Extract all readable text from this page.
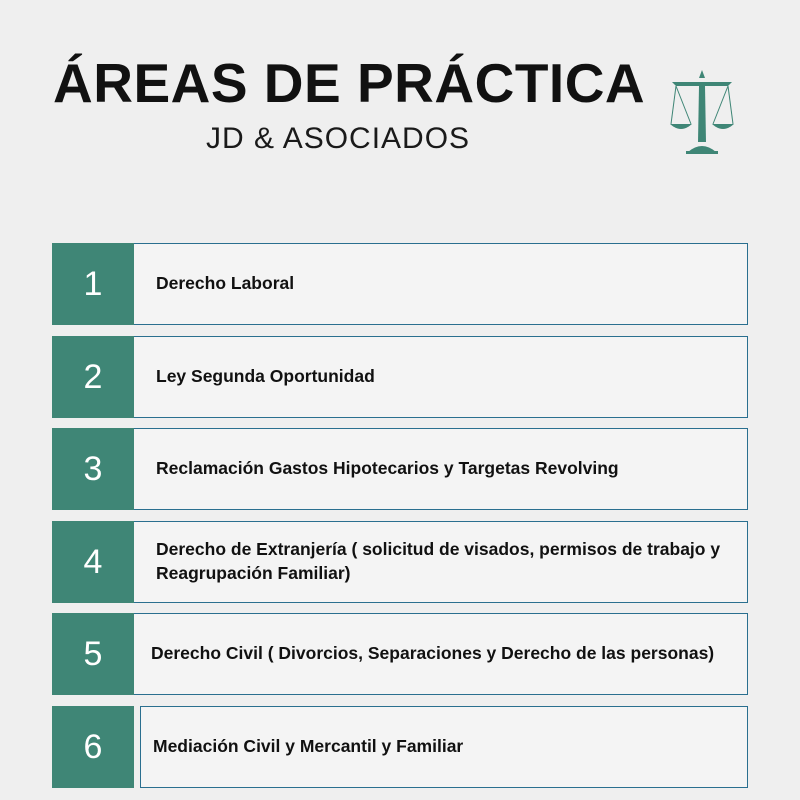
ÁREAS DE PRÁCTICA
JD & ASOCIADOS
1	Derecho Laboral
2	Ley Segunda Oportunidad
3	Reclamación Gastos Hipotecarios y Targetas Revolving
4	Derecho de Extranjería ( solicitud de visados, permisos de trabajo y Reagrupación Familiar)
5	Derecho Civil ( Divorcios, Separaciones y Derecho de las personas)
6	Mediación Civil y Mercantil y Familiar
